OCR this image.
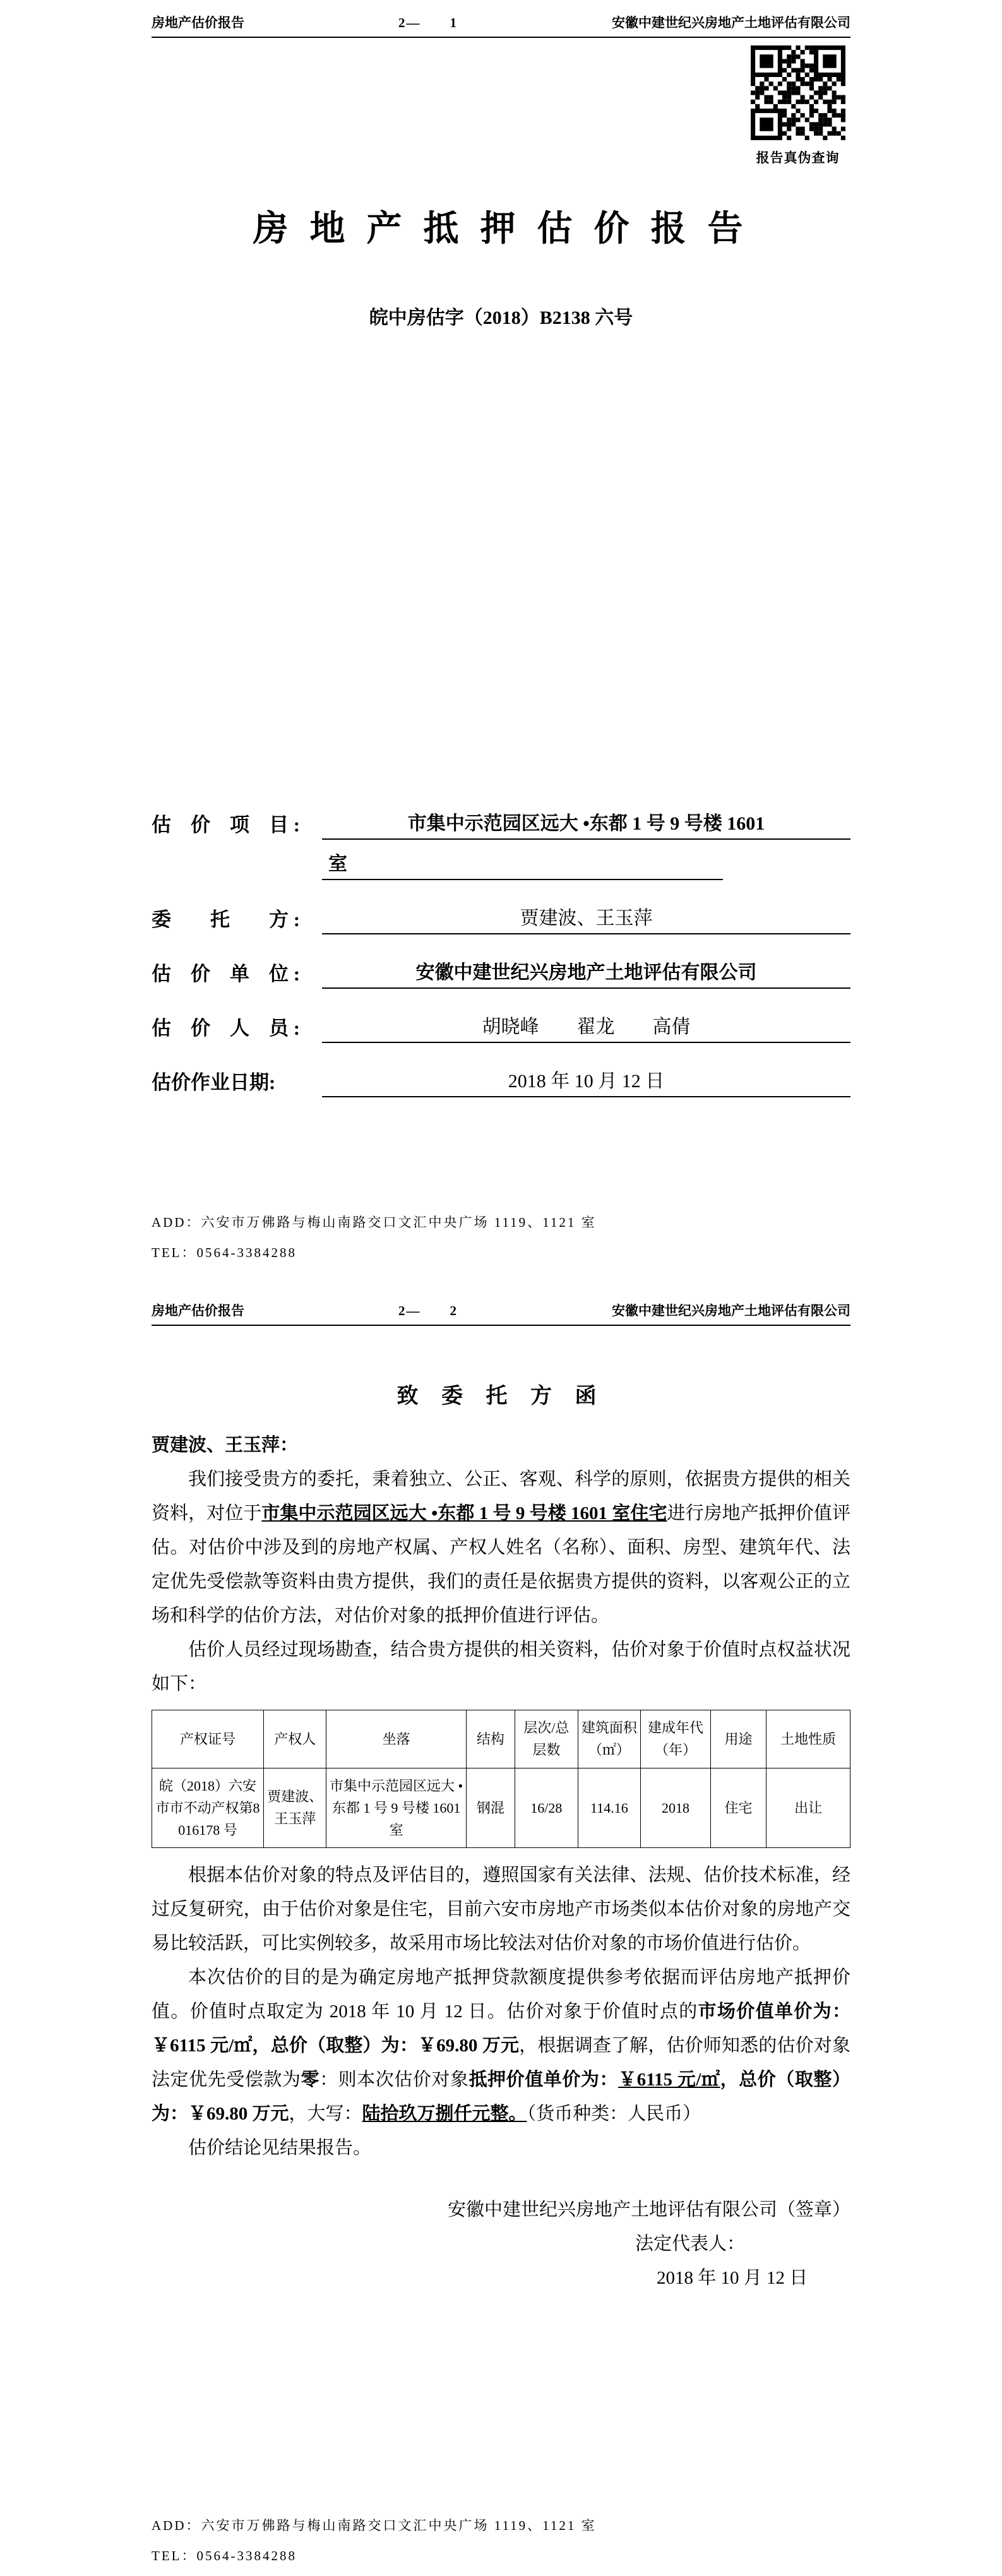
房地产估价报告	2—　　1	安徽中建世纪兴房地产土地评估有限公司
报告真伪查询
房 地 产 抵 押 估 价 报 告
皖中房估字（2018）B2138 六号
估　价　项　目 :	市集中示范园区远大 •东都 1 号 9 号楼 1601
室
委　　托　　方 :	贾建波、王玉萍
估　价　单　位 :	安徽中建世纪兴房地产土地评估有限公司
估　价　人　员 :	胡晓峰　　翟龙　　高倩
估价作业日期:	2018 年 10 月 12 日
ADD：六安市万佛路与梅山南路交口文汇中央广场 1119、1121 室
TEL：0564-3384288
房地产估价报告	2—　　2	安徽中建世纪兴房地产土地评估有限公司
致 委 托 方 函
贾建波、王玉萍：

我们接受贵方的委托，秉着独立、公正、客观、科学的原则，依据贵方提供的相关资料，对位于市集中示范园区远大 •东都 1 号 9 号楼 1601 室住宅进行房地产抵押价值评估。对估价中涉及到的房地产权属、产权人姓名（名称）、面积、房型、建筑年代、法定优先受偿款等资料由贵方提供，我们的责任是依据贵方提供的资料，以客观公正的立场和科学的估价方法，对估价对象的抵押价值进行评估。

估价人员经过现场勘查，结合贵方提供的相关资料，估价对象于价值时点权益状况如下：

产权证号	产权人	坐落	结构	层次/总层数	建筑面积（㎡）	建成年代（年）	用途	土地性质
皖（2018）六安市市不动产权第8016178 号	贾建波、王玉萍	市集中示范园区远大 •东都 1 号 9 号楼 1601 室	钢混	16/28	114.16	2018	住宅	出让

根据本估价对象的特点及评估目的，遵照国家有关法律、法规、估价技术标准，经过反复研究，由于估价对象是住宅，目前六安市房地产市场类似本估价对象的房地产交易比较活跃，可比实例较多，故采用市场比较法对估价对象的市场价值进行估价。

本次估价的目的是为确定房地产抵押贷款额度提供参考依据而评估房地产抵押价值。价值时点取定为 2018 年 10 月 12 日。估价对象于价值时点的市场价值单价为：￥6115 元/㎡，总价（取整）为：￥69.80 万元，根据调查了解，估价师知悉的估价对象法定优先受偿款为零：则本次估价对象抵押价值单价为：￥6115 元/㎡，总价（取整）为：￥69.80 万元，大写：陆拾玖万捌仟元整。（货币种类：人民币）

估价结论见结果报告。

安徽中建世纪兴房地产土地评估有限公司（签章）
法定代表人：
2018 年 10 月 12 日
ADD：六安市万佛路与梅山南路交口文汇中央广场 1119、1121 室
TEL：0564-3384288
